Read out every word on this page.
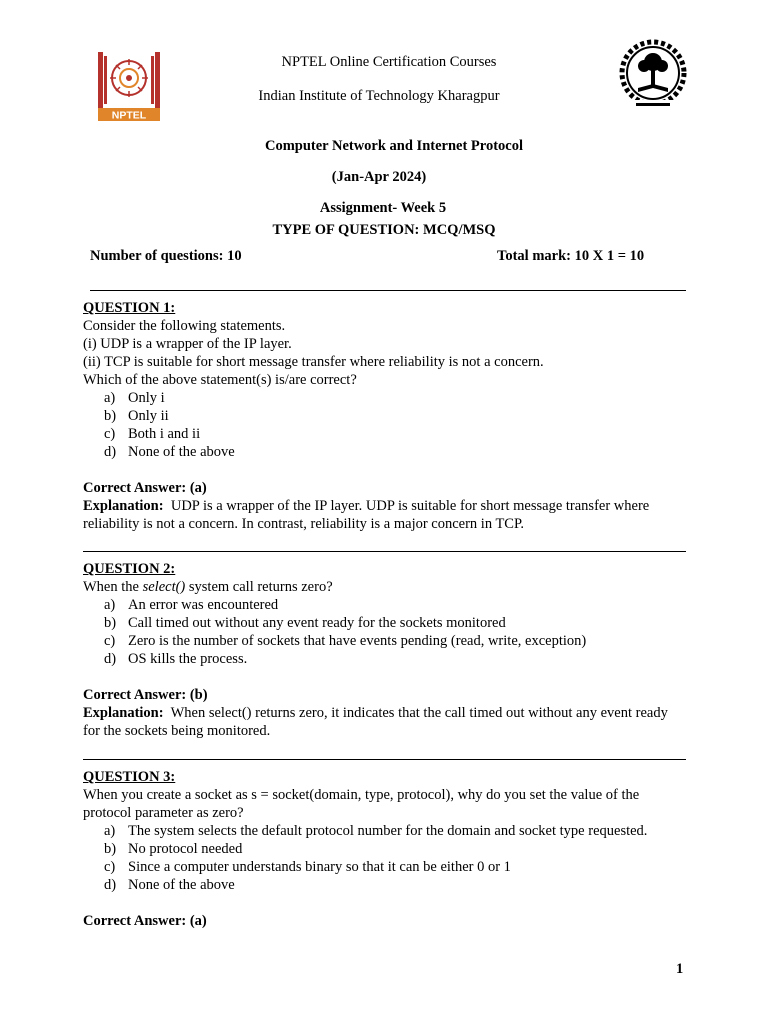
NPTEL
NPTEL Online Certification Courses
Indian Institute of Technology Kharagpur
Computer Network and Internet Protocol
(Jan-Apr 2024)
Assignment- Week 5
TYPE OF QUESTION: MCQ/MSQ
Number of questions: 10	Total mark: 10 X 1 = 10

QUESTION 1:

Consider the following statements.

(i) UDP is a wrapper of the IP layer.

(ii) TCP is suitable for short message transfer where reliability is not a concern.

Which of the above statement(s) is/are correct?

a) Only i
b) Only ii
c) Both i and ii
d) None of the above

Correct Answer: (a)

Explanation: UDP is a wrapper of the IP layer. UDP is suitable for short message transfer where reliability is not a concern. In contrast, reliability is a major concern in TCP.

QUESTION 2:

When the select() system call returns zero?

a) An error was encountered
b) Call timed out without any event ready for the sockets monitored
c) Zero is the number of sockets that have events pending (read, write, exception)
d) OS kills the process.

Correct Answer: (b)

Explanation: When select() returns zero, it indicates that the call timed out without any event ready for the sockets being monitored.

QUESTION 3:

When you create a socket as s = socket(domain, type, protocol), why do you set the value of the protocol parameter as zero?

a) The system selects the default protocol number for the domain and socket type requested.
b) No protocol needed
c) Since a computer understands binary so that it can be either 0 or 1
d) None of the above

Correct Answer: (a)

1
